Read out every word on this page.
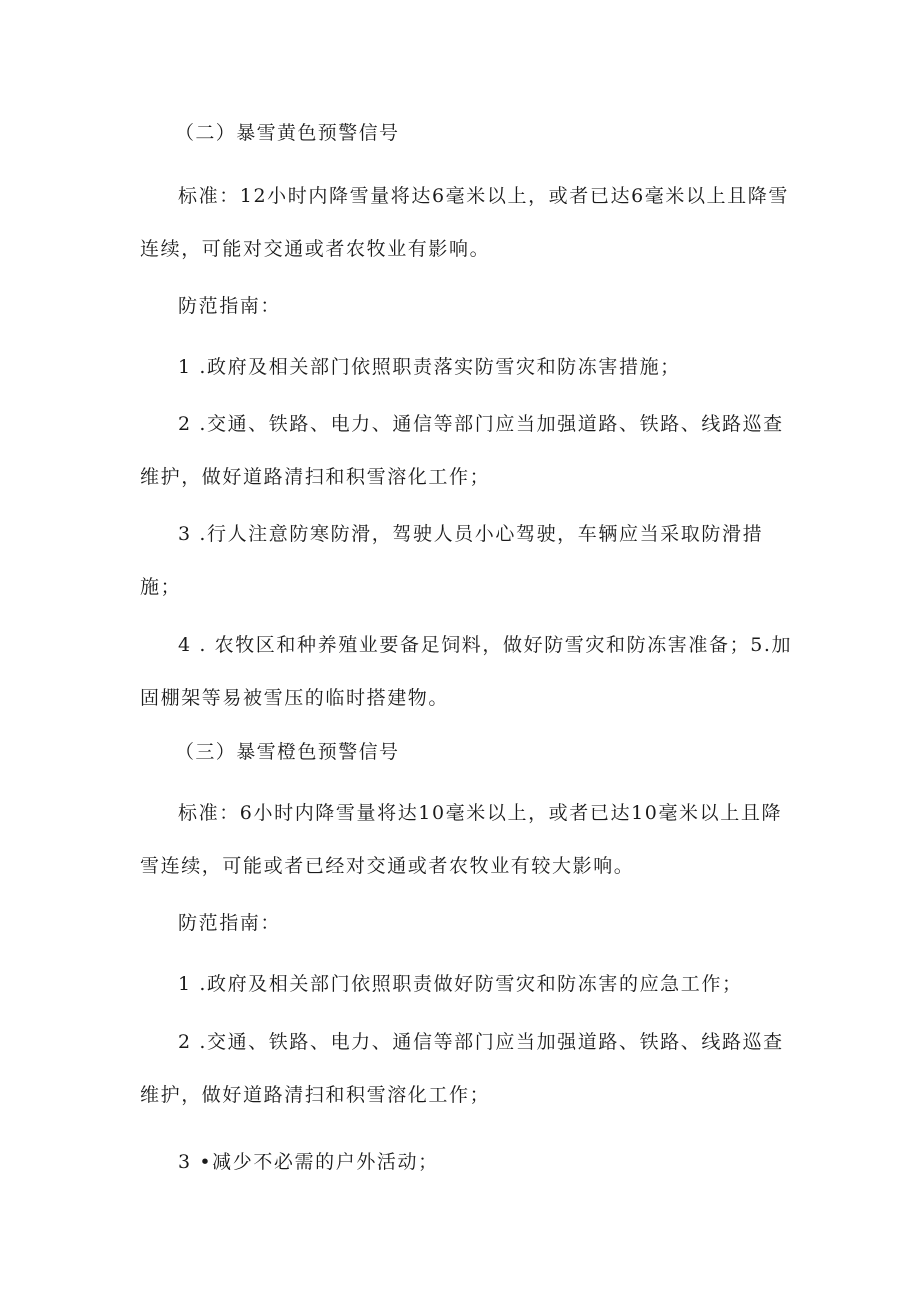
（二）暴雪黄色预警信号
标准：12小时内降雪量将达6毫米以上，或者已达6毫米以上且降雪连续，可能对交通或者农牧业有影响。
防范指南：
1 .政府及相关部门依照职责落实防雪灾和防冻害措施；
2 .交通、铁路、电力、通信等部门应当加强道路、铁路、线路巡查维护，做好道路清扫和积雪溶化工作；
3 .行人注意防寒防滑，驾驶人员小心驾驶，车辆应当采取防滑措施；
4 . 农牧区和种养殖业要备足饲料，做好防雪灾和防冻害准备；5.加固棚架等易被雪压的临时搭建物。
（三）暴雪橙色预警信号
标准：6小时内降雪量将达10毫米以上，或者已达10毫米以上且降雪连续，可能或者已经对交通或者农牧业有较大影响。
防范指南：
1 .政府及相关部门依照职责做好防雪灾和防冻害的应急工作；
2 .交通、铁路、电力、通信等部门应当加强道路、铁路、线路巡查维护，做好道路清扫和积雪溶化工作；
3 •减少不必需的户外活动；
